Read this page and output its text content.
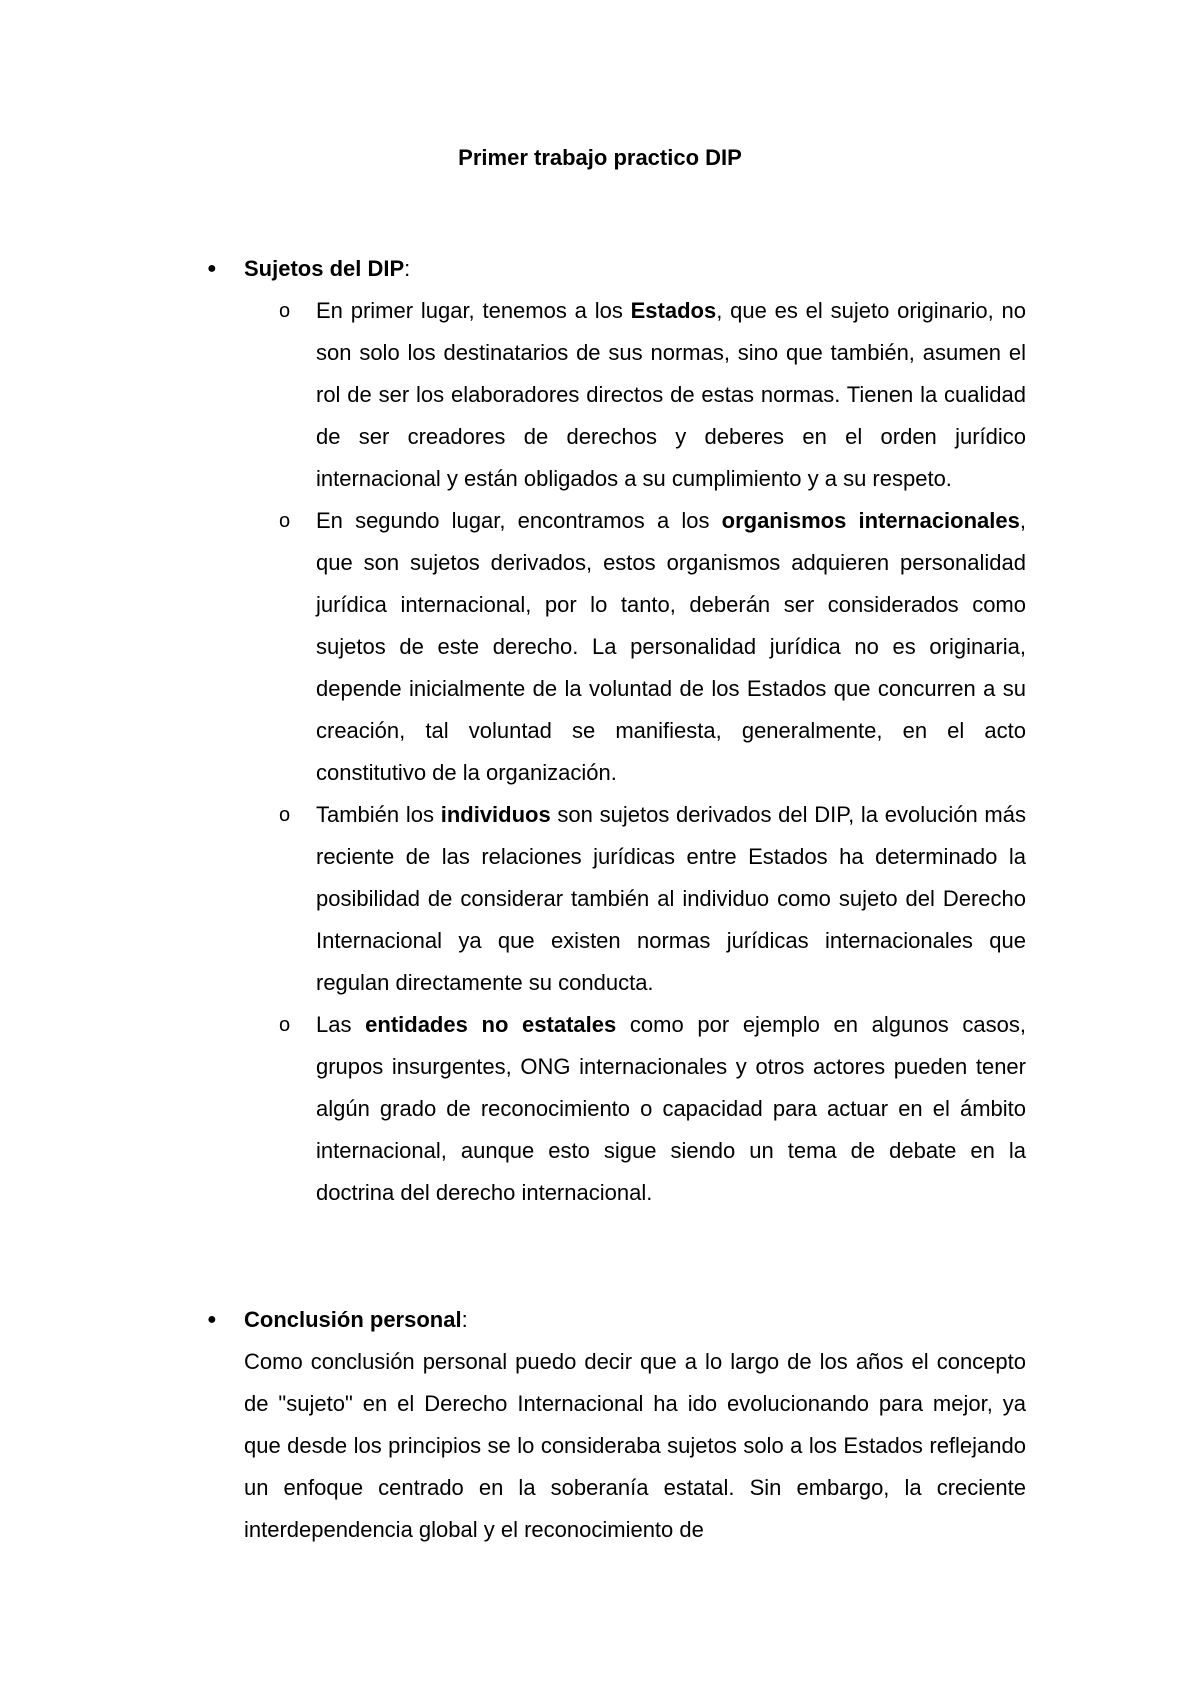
Primer trabajo practico DIP
● Sujetos del DIP:
o En primer lugar, tenemos a los Estados, que es el sujeto originario, no son solo los destinatarios de sus normas, sino que también, asumen el rol de ser los elaboradores directos de estas normas. Tienen la cualidad de ser creadores de derechos y deberes en el orden jurídico internacional y están obligados a su cumplimiento y a su respeto.
o En segundo lugar, encontramos a los organismos internacionales, que son sujetos derivados, estos organismos adquieren personalidad jurídica internacional, por lo tanto, deberán ser considerados como sujetos de este derecho. La personalidad jurídica no es originaria, depende inicialmente de la voluntad de los Estados que concurren a su creación, tal voluntad se manifiesta, generalmente, en el acto constitutivo de la organización.
o También los individuos son sujetos derivados del DIP, la evolución más reciente de las relaciones jurídicas entre Estados ha determinado la posibilidad de considerar también al individuo como sujeto del Derecho Internacional ya que existen normas jurídicas internacionales que regulan directamente su conducta.
o Las entidades no estatales como por ejemplo en algunos casos, grupos insurgentes, ONG internacionales y otros actores pueden tener algún grado de reconocimiento o capacidad para actuar en el ámbito internacional, aunque esto sigue siendo un tema de debate en la doctrina del derecho internacional.
● Conclusión personal:
Como conclusión personal puedo decir que a lo largo de los años el concepto de "sujeto" en el Derecho Internacional ha ido evolucionando para mejor, ya que desde los principios se lo consideraba sujetos solo a los Estados reflejando un enfoque centrado en la soberanía estatal. Sin embargo, la creciente interdependencia global y el reconocimiento de
